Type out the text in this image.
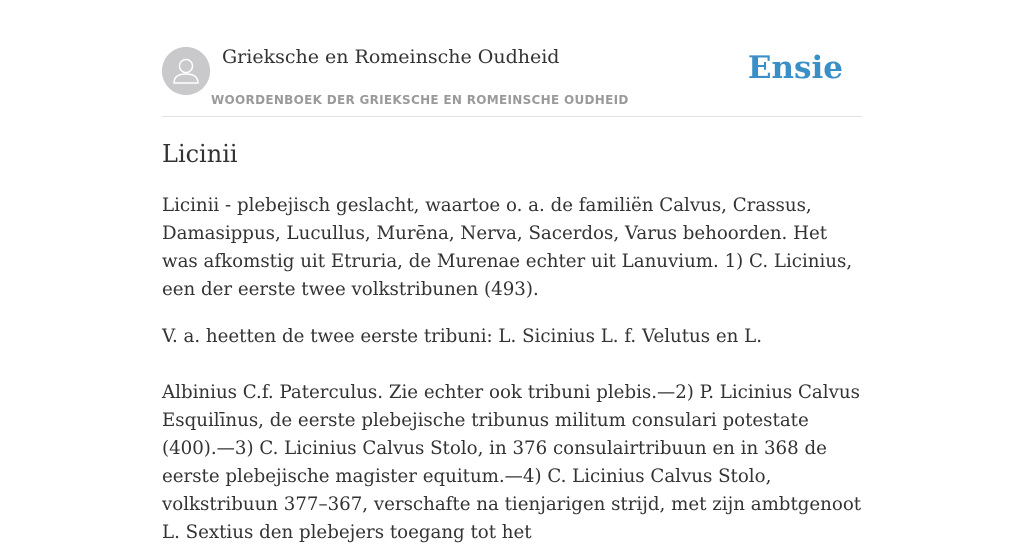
Grieksche en Romeinsche Oudheid
WOORDENBOEK DER GRIEKSCHE EN ROMEINSCHE OUDHEID
Ensie
Licinii

Licinii - plebejisch geslacht, waartoe o. a. de familiën Calvus, Crassus, Damasippus, Lucullus, Murēna, Nerva, Sacerdos, Varus behoorden. Het was afkomstig uit Etruria, de Murenae echter uit Lanuvium. 1) C. Licinius, een der eerste twee volkstribunen (493).

V. a. heetten de twee eerste tribuni: L. Sicinius L. f. Velutus en L.

Albinius C.f. Paterculus. Zie echter ook tribuni plebis.—2) P. Licinius Calvus Esquilīnus, de eerste plebejische tribunus militum consulari potestate (400).—3) C. Licinius Calvus Stolo, in 376 consulairtribuun en in 368 de eerste plebejische magister equitum.—4) C. Licinius Calvus Stolo, volkstribuun 377–367, verschafte na tienjarigen strijd, met zijn ambtgenoot L. Sextius den plebejers toegang tot het
